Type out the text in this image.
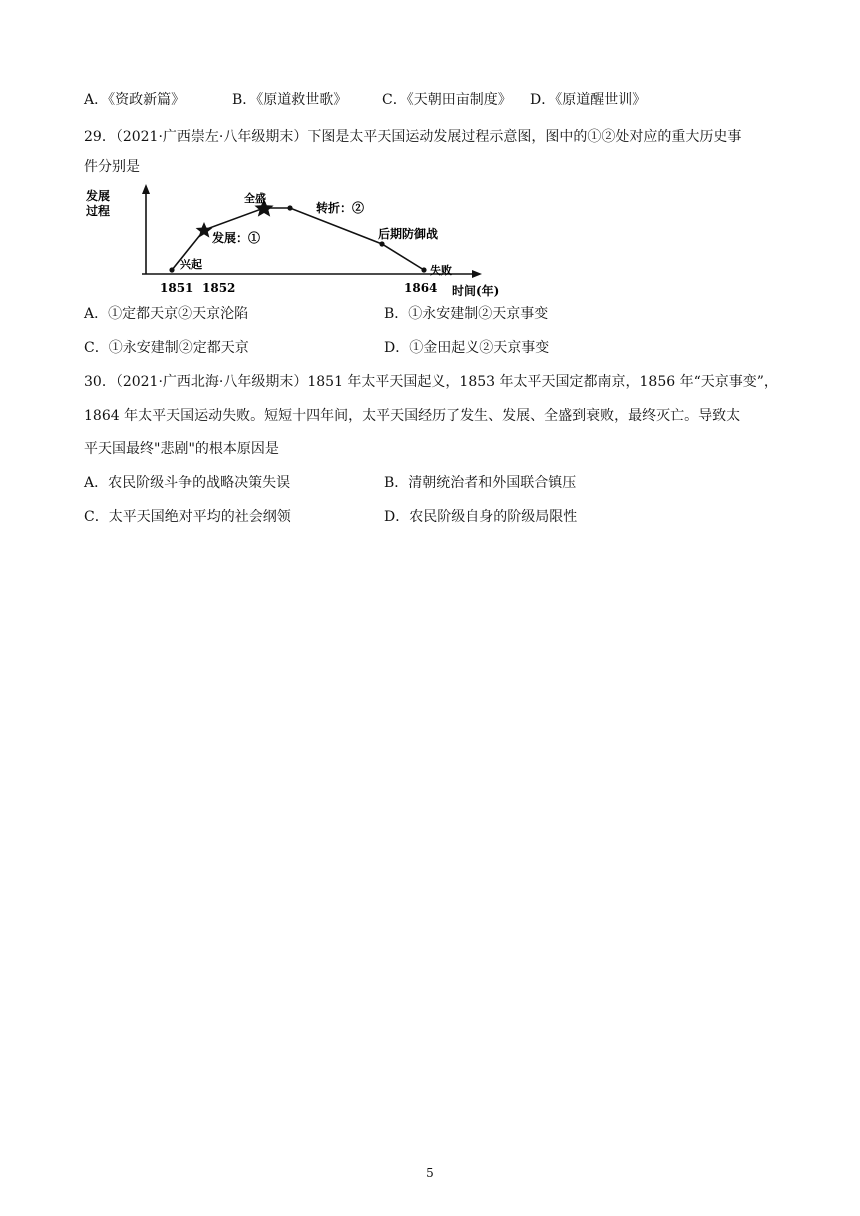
A．《资政新篇》	B．《原道救世歌》 C．《天朝田亩制度》 D．《原道醒世训》
29．（2021·广西崇左·八年级期末）下图是太平天国运动发展过程示意图，图中的①②处对应的重大历史事
件分别是
发展
过程
时间(年)
1851 1852	1864
兴起
发展：①
全盛
转折：②
后期防御战
失败
A．①定都天京②天京沦陷	B．①永安建制②天京事变
C．①永安建制②定都天京	D．①金田起义②天京事变
30．（2021·广西北海·八年级期末）1851 年太平天国起义，1853 年太平天国定都南京，1856 年“天京事变”，
1864 年太平天国运动失败。短短十四年间，太平天国经历了发生、发展、全盛到衰败，最终灭亡。导致太
平天国最终"悲剧"的根本原因是
A．农民阶级斗争的战略决策失误	B．清朝统治者和外国联合镇压
C．太平天国绝对平均的社会纲领	D．农民阶级自身的阶级局限性
5
